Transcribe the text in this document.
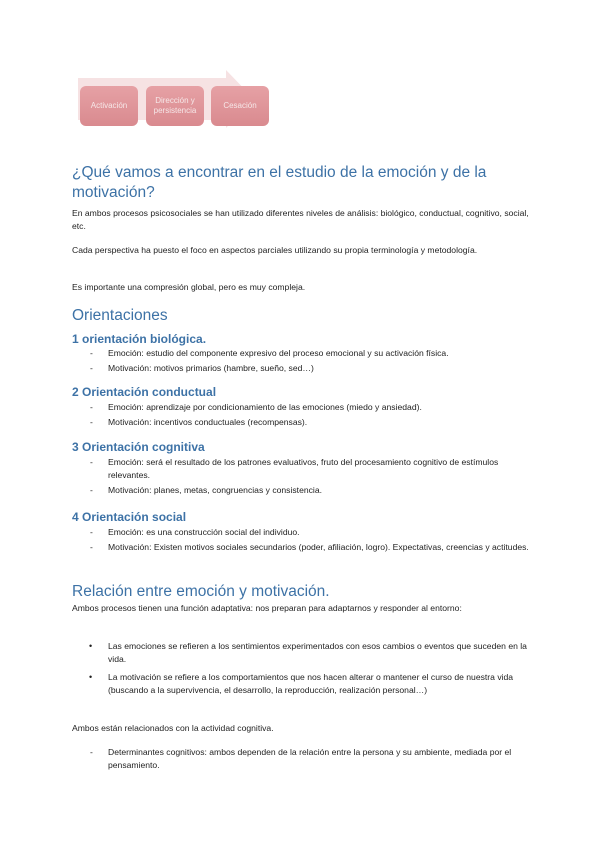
Activación
Dirección y persistencia
Cesación
¿Qué vamos a encontrar en el estudio de la emoción y de la motivación?

En ambos procesos psicosociales se han utilizado diferentes niveles de análisis: biológico, conductual, cognitivo, social, etc.

Cada perspectiva ha puesto el foco en aspectos parciales utilizando su propia terminología y metodología.

Es importante una compresión global, pero es muy compleja.

Orientaciones
1 orientación biológica.
- Emoción: estudio del componente expresivo del proceso emocional y su activación física.
- Motivación: motivos primarios (hambre, sueño, sed…)
2 Orientación conductual
- Emoción: aprendizaje por condicionamiento de las emociones (miedo y ansiedad).
- Motivación: incentivos conductuales (recompensas).
3 Orientación cognitiva
- Emoción: será el resultado de los patrones evaluativos, fruto del procesamiento cognitivo de estímulos relevantes.
- Motivación: planes, metas, congruencias y consistencia.
4 Orientación social
- Emoción: es una construcción social del individuo.
- Motivación: Existen motivos sociales secundarios (poder, afiliación, logro). Expectativas, creencias y actitudes.
Relación entre emoción y motivación.

Ambos procesos tienen una función adaptativa: nos preparan para adaptarnos y responder al entorno:

• Las emociones se refieren a los sentimientos experimentados con esos cambios o eventos que suceden en la vida.
• La motivación se refiere a los comportamientos que nos hacen alterar o mantener el curso de nuestra vida (buscando a la supervivencia, el desarrollo, la reproducción, realización personal…)

Ambos están relacionados con la actividad cognitiva.

- Determinantes cognitivos: ambos dependen de la relación entre la persona y su ambiente, mediada por el pensamiento.
